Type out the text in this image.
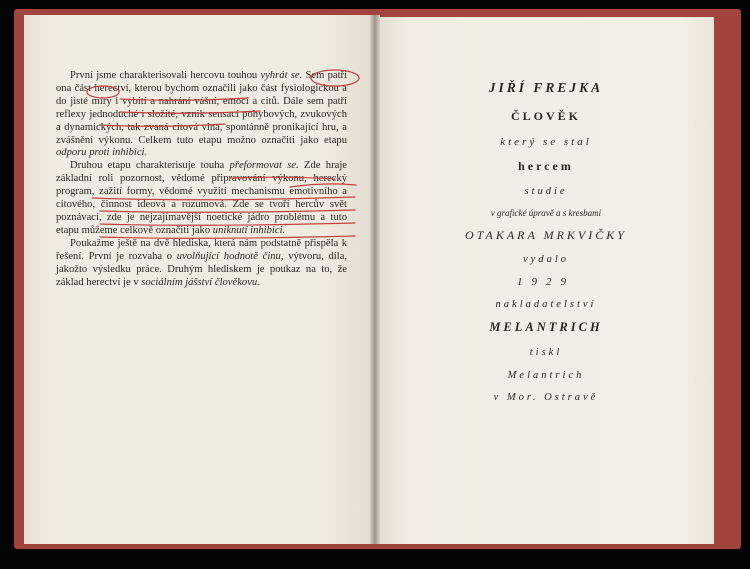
První jsme charakterisovali hercovu touhou vyhrát se. Sem patří ona část herectví, kterou bychom označili jako část fysiologickou a do jisté míry i vybití a nahrání vášní, emocí a citů. Dále sem patří reflexy jednoduché i složité, vznik sensací pohybových, zvukových a dynamických, tak zvaná citová vlna, spontánně pronikající hru, a zvášnění výkonu. Celkem tuto etapu možno označiti jako etapu odporu proti inhibici.

Druhou etapu charakterisuje touha přeformovat se. Zde hraje základní roli pozornost, vědomé připravování výkonu, herecký program, zažití formy, vědomé využití mechanismu emotivního a citového, činnost ideová a rozumová. Zde se tvoří hercův svět poznávací, zde je nejzajímavější noetické jádro problému a tuto etapu můžeme celkově označiti jako uniknutí inhibici.

Poukažme ještě na dvě hlediska, která nám podstatně přispěla k řešení. První je rozvaha o uvolňující hodnotě činu, výtvoru, díla, jakožto výsledku práce. Druhým hlediskem je poukaz na to, že základ herectví je v sociálním jášství člověkovu.

JIŘÍ FREJKA

ČLOVĚK

který se stal

hercem

studie

v grafické úpravě a s kresbami

OTAKARA MRKVIČKY

vydalo

1929

nakladatelství

MELANTRICH

tiskl

Melantrich

v Mor. Ostravě
